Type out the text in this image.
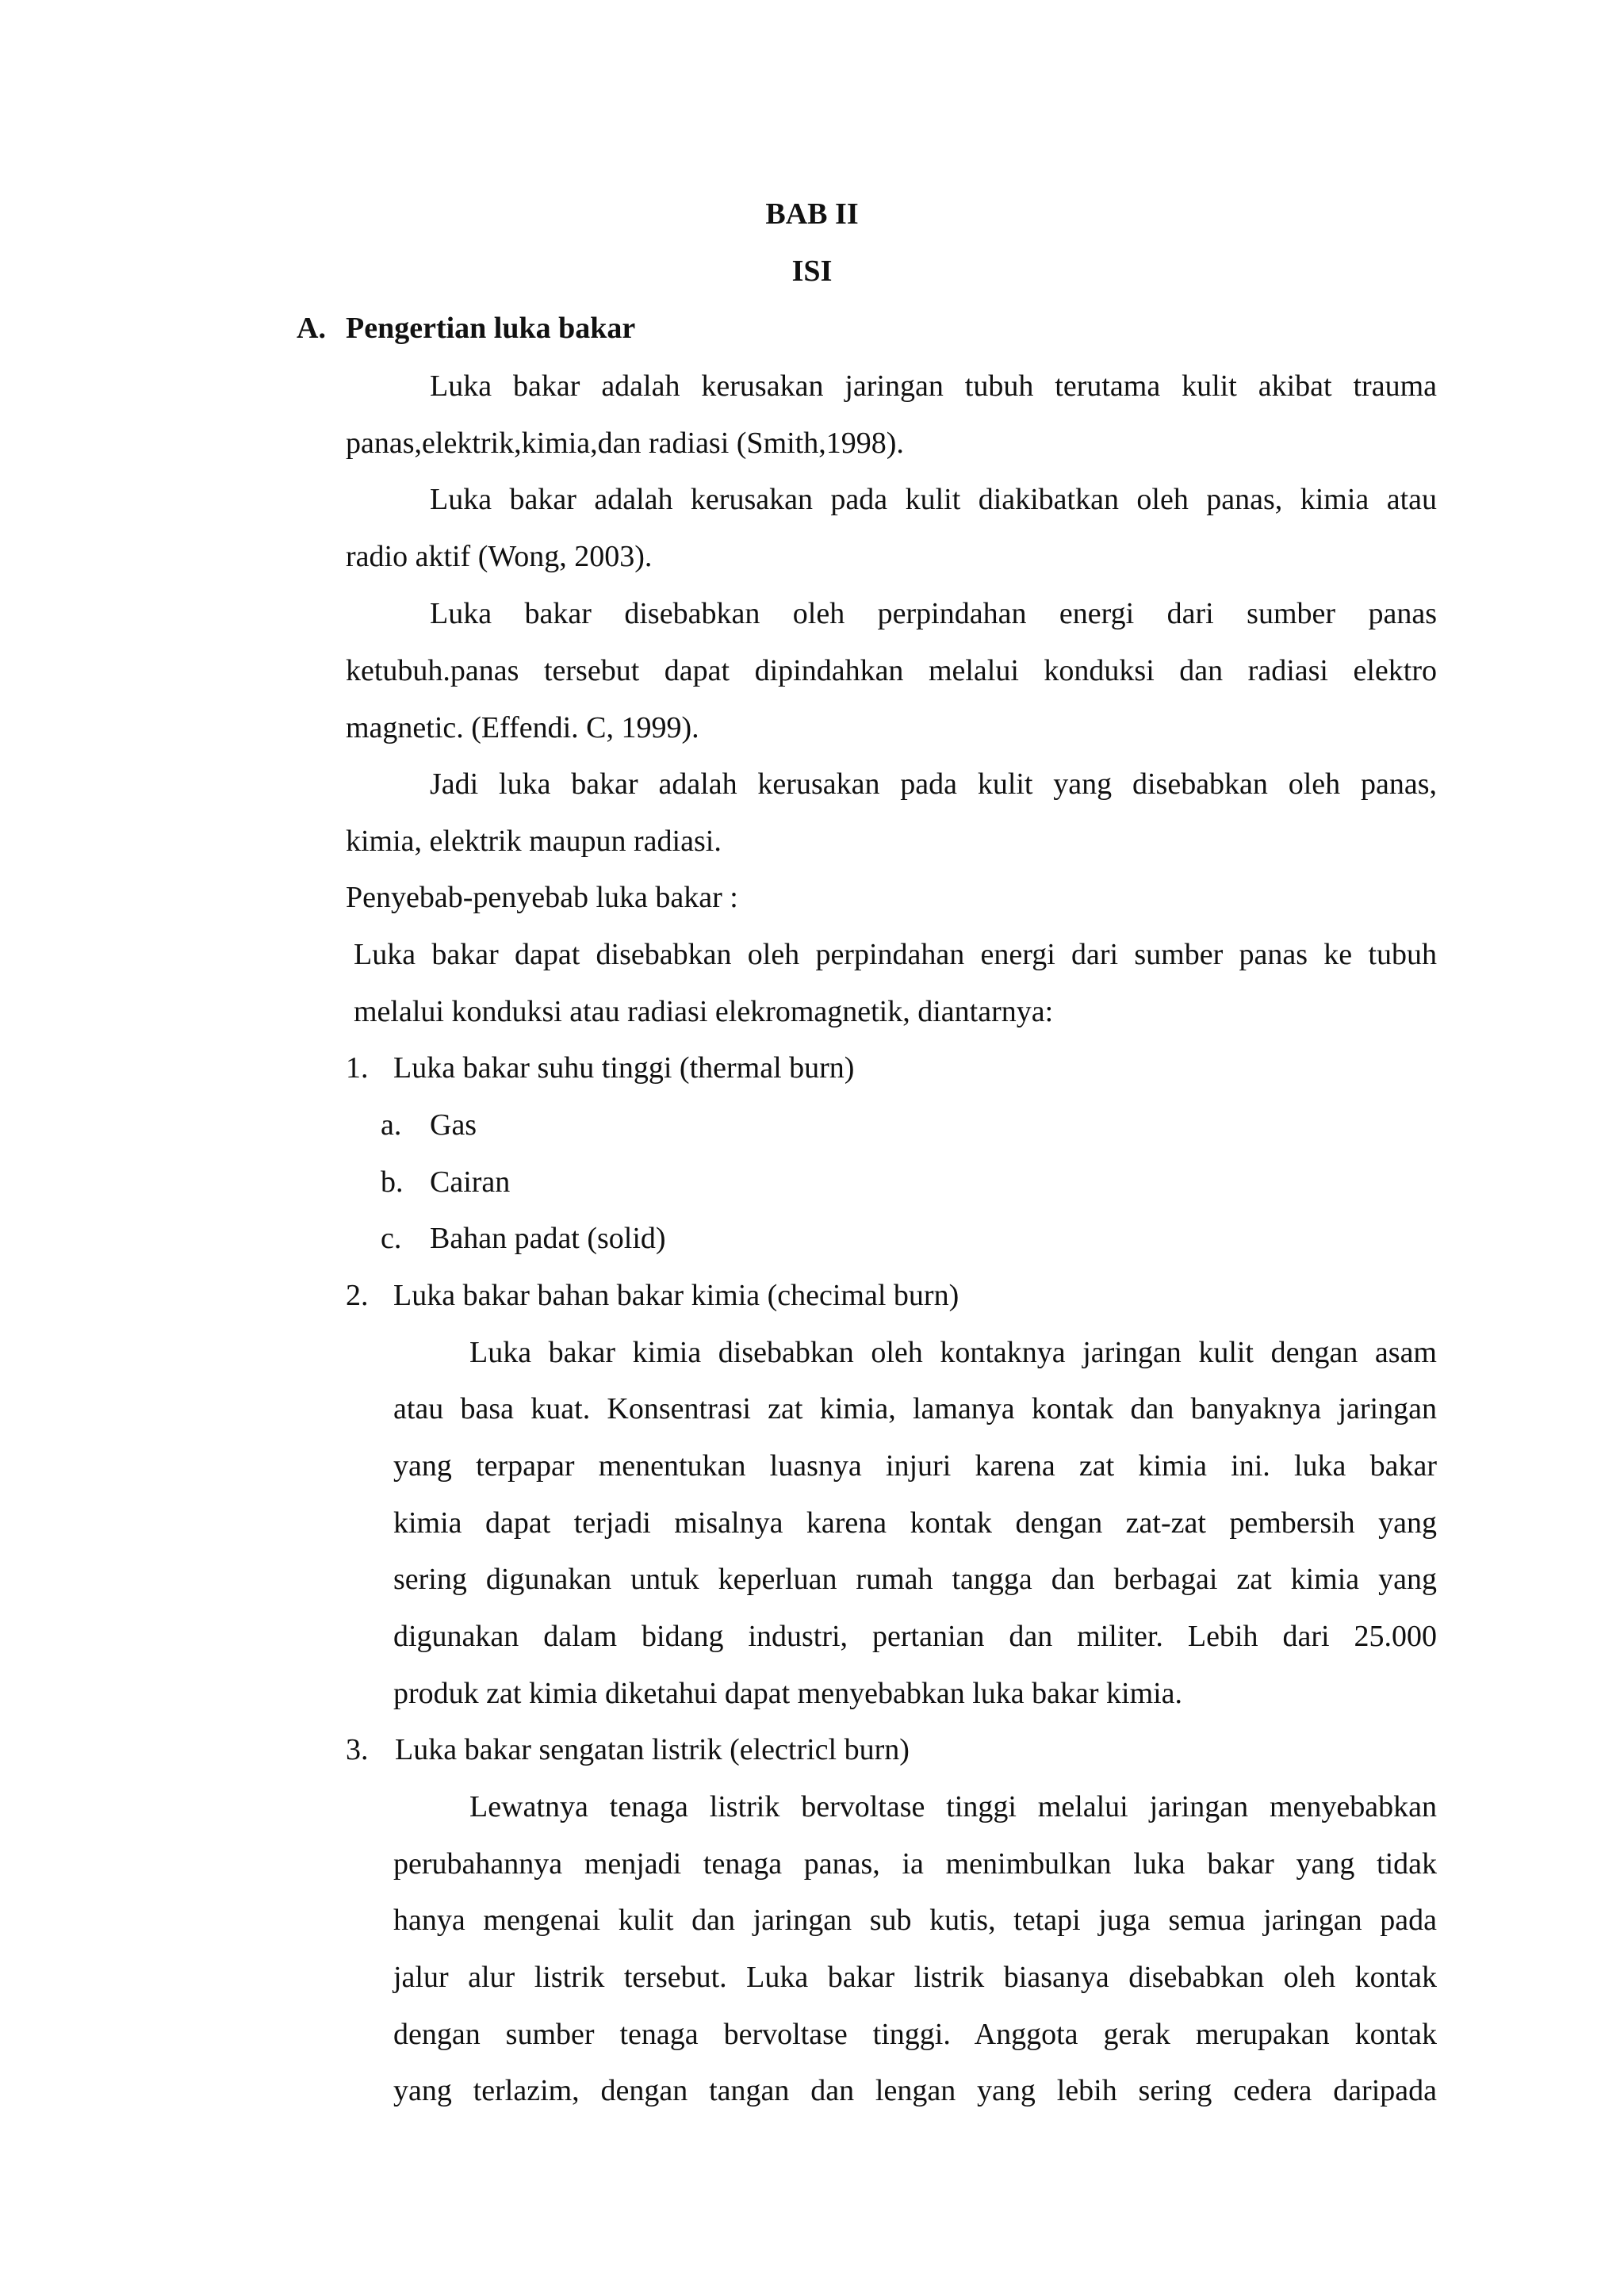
BAB II
ISI
A. Pengertian luka bakar
Luka bakar adalah kerusakan jaringan tubuh terutama kulit akibat trauma
panas,elektrik,kimia,dan radiasi (Smith,1998).
Luka bakar adalah kerusakan pada kulit diakibatkan oleh panas, kimia atau
radio aktif (Wong, 2003).
Luka bakar disebabkan oleh perpindahan energi dari sumber panas
ketubuh.panas tersebut dapat dipindahkan melalui konduksi dan radiasi elektro
magnetic. (Effendi. C, 1999).
Jadi luka bakar adalah kerusakan pada kulit yang disebabkan oleh panas,
kimia, elektrik maupun radiasi.
Penyebab-penyebab luka bakar :
Luka bakar dapat disebabkan oleh perpindahan energi dari sumber panas ke tubuh
melalui konduksi atau radiasi elekromagnetik, diantarnya:
1. Luka bakar suhu tinggi (thermal burn)
a. Gas
b. Cairan
c. Bahan padat (solid)
2. Luka bakar bahan bakar kimia (checimal burn)
Luka bakar kimia disebabkan oleh kontaknya jaringan kulit dengan asam
atau basa kuat. Konsentrasi zat kimia, lamanya kontak dan banyaknya jaringan
yang terpapar menentukan luasnya injuri karena zat kimia ini. luka bakar
kimia dapat terjadi misalnya karena kontak dengan zat-zat pembersih yang
sering digunakan untuk keperluan rumah tangga dan berbagai zat kimia yang
digunakan dalam bidang industri, pertanian dan militer. Lebih dari 25.000
produk zat kimia diketahui dapat menyebabkan luka bakar kimia.
3. Luka bakar sengatan listrik (electricl burn)
Lewatnya tenaga listrik bervoltase tinggi melalui jaringan menyebabkan
perubahannya menjadi tenaga panas, ia menimbulkan luka bakar yang tidak
hanya mengenai kulit dan jaringan sub kutis, tetapi juga semua jaringan pada
jalur alur listrik tersebut. Luka bakar listrik biasanya disebabkan oleh kontak
dengan sumber tenaga bervoltase tinggi. Anggota gerak merupakan kontak
yang terlazim, dengan tangan dan lengan yang lebih sering cedera daripada
